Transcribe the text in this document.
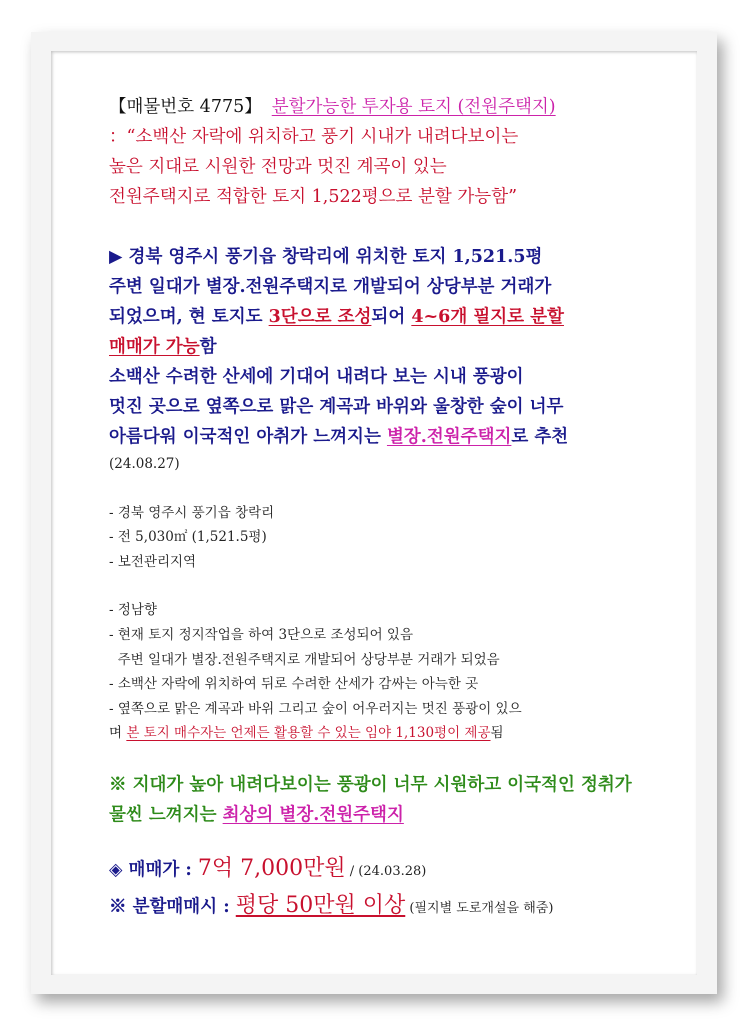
【매물번호 4775】 분할가능한 투자용 토지 (전원주택지)
：“소백산 자락에 위치하고 풍기 시내가 내려다보이는
높은 지대로 시원한 전망과 멋진 계곡이 있는
전원주택지로 적합한 토지 1,522평으로 분할 가능함”
▶ 경북 영주시 풍기읍 창락리에 위치한 토지 1,521.5평
주변 일대가 별장.전원주택지로 개발되어 상당부분 거래가
되었으며, 현 토지도 3단으로 조성되어 4~6개 필지로 분할
매매가 가능함
소백산 수려한 산세에 기대어 내려다 보는 시내 풍광이
멋진 곳으로 옆쪽으로 맑은 계곡과 바위와 울창한 숲이 너무
아름다워 이국적인 아취가 느껴지는 별장.전원주택지로 추천
(24.08.27)
- 경북 영주시 풍기읍 창락리
- 전 5,030㎡ (1,521.5평)
- 보전관리지역
- 정남향
- 현재 토지 정지작업을 하여 3단으로 조성되어 있음
주변 일대가 별장.전원주택지로 개발되어 상당부분 거래가 되었음
- 소백산 자락에 위치하여 뒤로 수려한 산세가 감싸는 아늑한 곳
- 옆쪽으로 맑은 계곡과 바위 그리고 숲이 어우러지는 멋진 풍광이 있으
며 본 토지 매수자는 언제든 활용할 수 있는 임야 1,130평이 제공됨
※ 지대가 높아 내려다보이는 풍광이 너무 시원하고 이국적인 정취가
물씬 느껴지는 최상의 별장.전원주택지
◈ 매매가 : 7억 7,000만원 / (24.03.28)
※ 분할매매시 : 평당 50만원 이상 (필지별 도로개설을 해줌)
